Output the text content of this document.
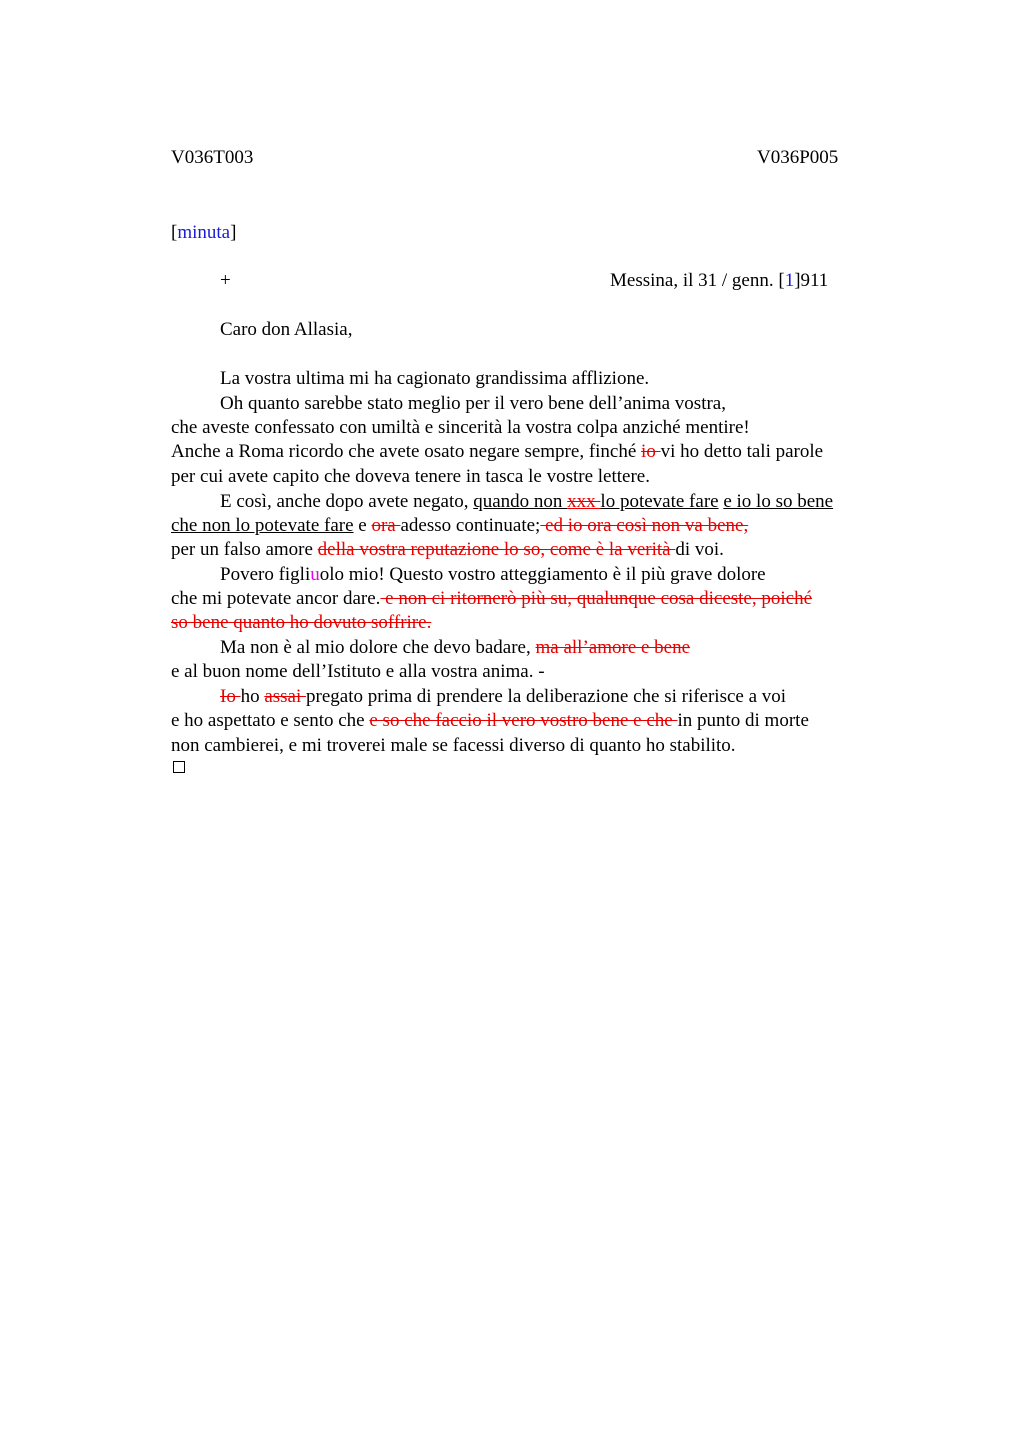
V036T003	V036P005
[minuta]
+	Messina, il 31 / genn. [1]911
Caro don Allasia,
La vostra ultima mi ha cagionato grandissima afflizione.
Oh quanto sarebbe stato meglio per il vero bene dell’anima vostra,
che aveste confessato con umiltà e sincerità la vostra colpa anziché mentire!
Anche a Roma ricordo che avete osato negare sempre, finché io vi ho detto tali parole
per cui avete capito che doveva tenere in tasca le vostre lettere.
E così, anche dopo avete negato, quando non xxx lo potevate fare e io lo so bene
che non lo potevate fare e ora adesso continuate; ed io ora così non va bene,
per un falso amore della vostra reputazione lo so, come è la verità di voi.
Povero figliuolo mio! Questo vostro atteggiamento è il più grave dolore
che mi potevate ancor dare. e non ci ritornerò più su, qualunque cosa diceste, poiché
so bene quanto ho dovuto soffrire.
Ma non è al mio dolore che devo badare, ma all’amore e bene
e al buon nome dell’Istituto e alla vostra anima. -
Io ho assai pregato prima di prendere la deliberazione che si riferisce a voi
e ho aspettato e sento che e so che faccio il vero vostro bene e che in punto di morte
non cambierei, e mi troverei male se facessi diverso di quanto ho stabilito.
